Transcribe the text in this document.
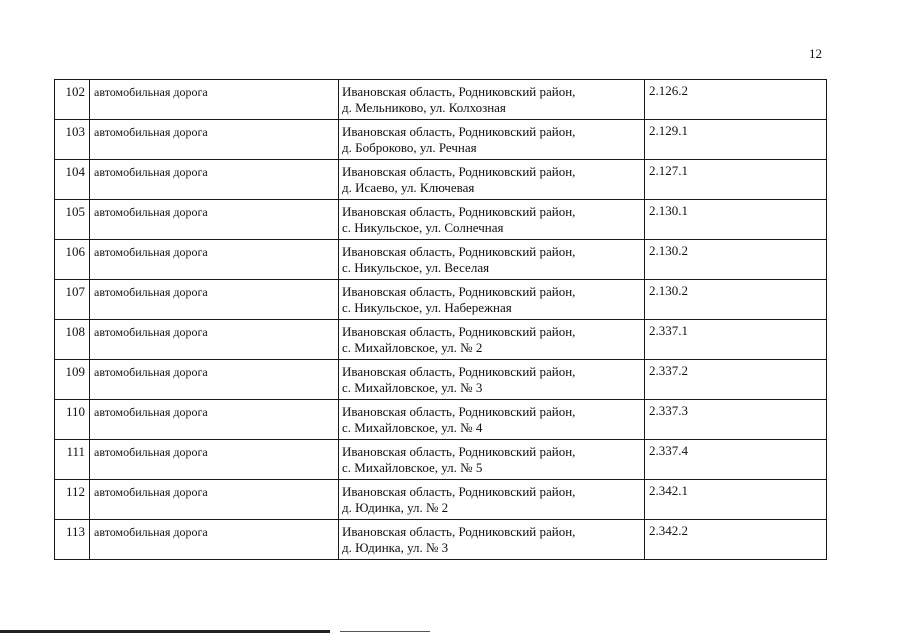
12
102	автомобильная дорога	Ивановская область, Родниковский район,
д. Мельниково, ул. Колхозная	2.126.2

103	автомобильная дорога	Ивановская область, Родниковский район,
д. Боброково, ул. Речная	2.129.1

104	автомобильная дорога	Ивановская область, Родниковский район,
д. Исаево, ул. Ключевая	2.127.1

105	автомобильная дорога	Ивановская область, Родниковский район,
с. Никульское, ул. Солнечная	2.130.1

106	автомобильная дорога	Ивановская область, Родниковский район,
с. Никульское, ул. Веселая	2.130.2

107	автомобильная дорога	Ивановская область, Родниковский район,
с. Никульское, ул. Набережная	2.130.2

108	автомобильная дорога	Ивановская область, Родниковский район,
с. Михайловское, ул. № 2	2.337.1

109	автомобильная дорога	Ивановская область, Родниковский район,
с. Михайловское, ул. № 3	2.337.2

110	автомобильная дорога	Ивановская область, Родниковский район,
с. Михайловское, ул. № 4	2.337.3

111	автомобильная дорога	Ивановская область, Родниковский район,
с. Михайловское, ул. № 5	2.337.4

112	автомобильная дорога	Ивановская область, Родниковский район,
д. Юдинка, ул. № 2	2.342.1

113	автомобильная дорога	Ивановская область, Родниковский район,
д. Юдинка, ул. № 3	2.342.2
